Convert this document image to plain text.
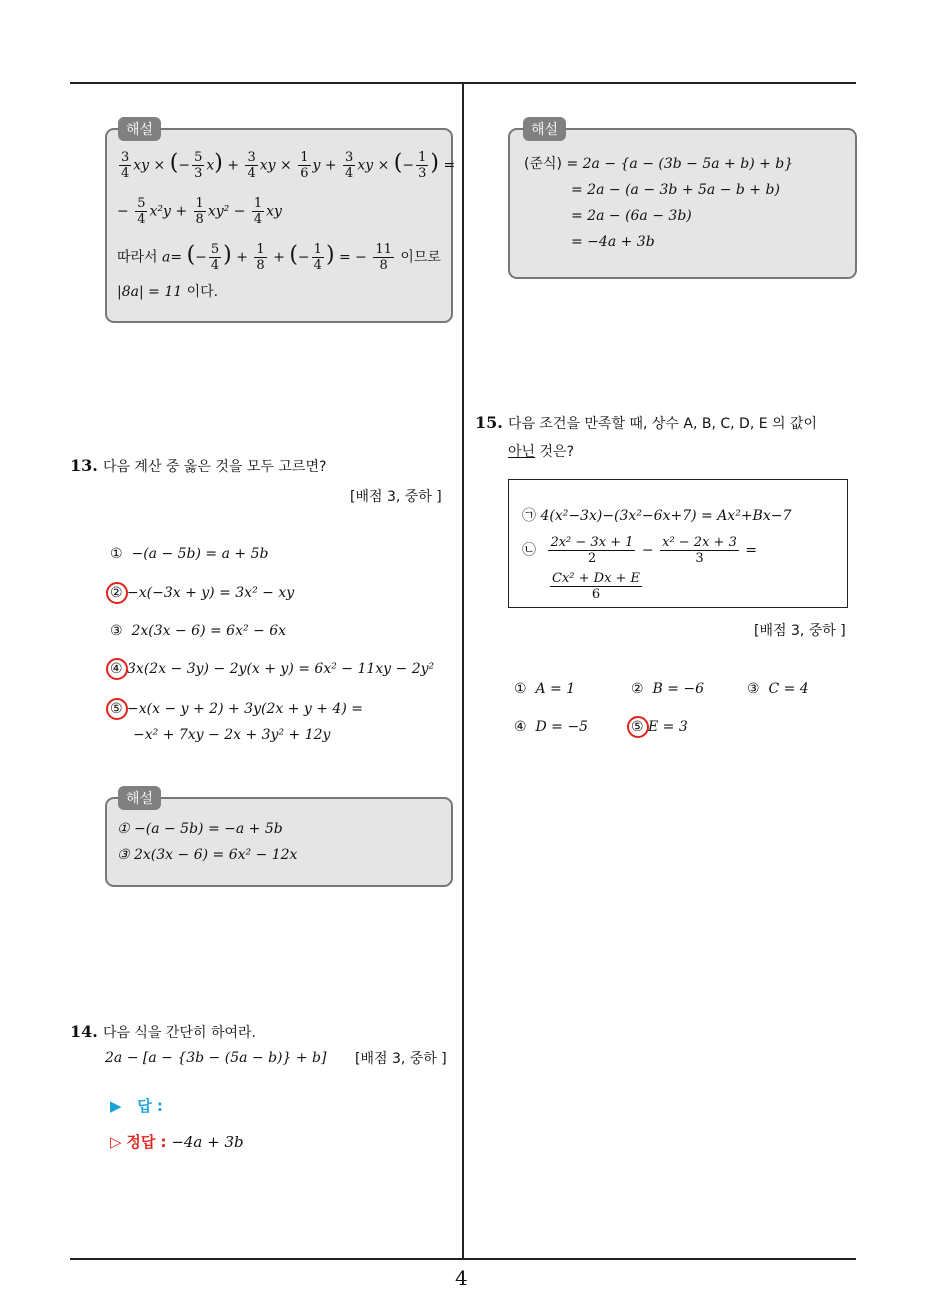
4
해설
$\frac{3}{4}$ xy × (− $\frac{5}{3} x) + \frac{3}{4}$ xy × $\frac{1}{6}$ $y + \frac{3}{4}$ xy × (− $\frac{1}{3}$ ) =
− $\frac{5}{4} x^2y + \frac{1}{8} xy^2 - \frac{1}{4}$ xy
따라서 a= (− $\frac{5}{4}$ ) + $\frac{1}{8}$ + (− $\frac{1}{4}$ ) = − $\frac{11}{8}$ 이므로
|8a| = 11 이다.
해설
(준식) = 2a − {a − (3b − 5a + b) + b}
= 2a − (a − 3b + 5a − b + b)
= 2a − (6a − 3b)
= −4a + 3b
13. 다음 계산 중 옳은 것을 모두 고르면?
[배점 3, 중하 ]
① −(a − 5b) = a + 5b
② −x(−3x + y) = 3x² − xy
③ 2x(3x − 6) = 6x² − 6x
④ 3x(2x − 3y) − 2y(x + y) = 6x² − 11xy − 2y²
⑤ −x(x − y + 2) + 3y(2x + y + 4) =
−x² + 7xy − 2x + 3y² + 12y
해설
① −(a − 5b) = −a + 5b
③ 2x(3x − 6) = 6x² − 12x
14. 다음 식을 간단히 하여라.
2a − [a − {3b − (5a − b)} + b] [배점 3, 중하 ]
▶ 답 :
▷ 정답 : −4a + 3b
15. 다음 조건을 만족할 때, 상수 A, B, C, D, E 의 값이
아닌 것은?
㉠ 4(x²−3x)−(3x²−6x+7) = Ax²+Bx−7
㉡ $\frac{\text{2x² − 3x + 1}}{2} - \frac{\text{x² − 2x + 3}}{3}$ =
$\frac{\text{Cx² + Dx + E}}{6}$
[배점 3, 중하 ]
① A = 1	② B = −6	③ C = 4
④ D = −5	⑤ E = 3
